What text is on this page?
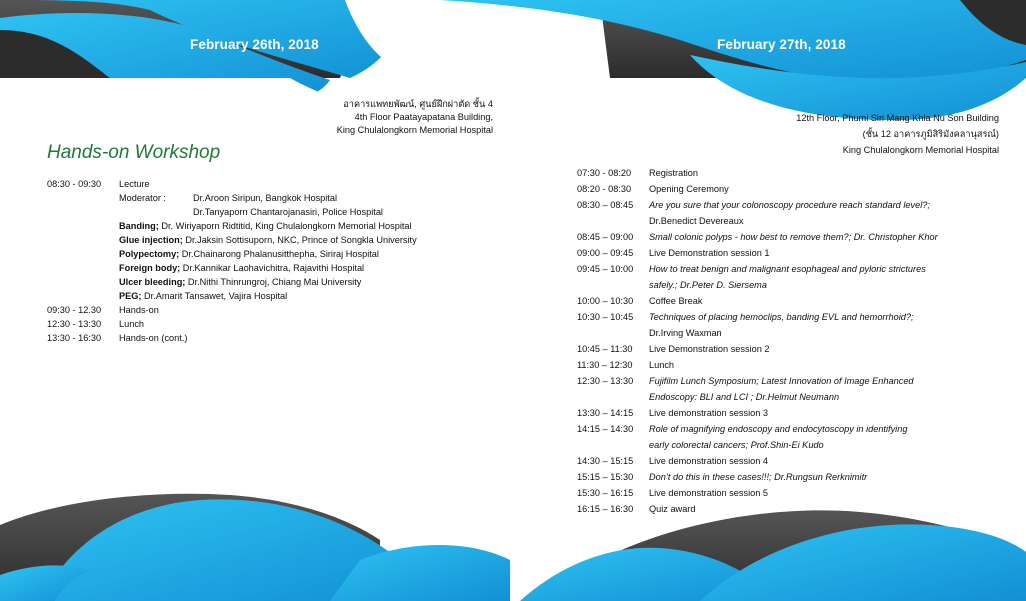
February 26th, 2018
อาคารแพทยพัฒน์, ศูนย์ฝึกผ่าตัด ชั้น 4
4th Floor Paatayapatana Building,
King Chulalongkorn Memorial Hospital
Hands-on Workshop
08:30 - 09:30 Lecture
Moderator :	Dr.Aroon Siripun, Bangkok Hospital
Dr.Tanyaporn Chantarojanasiri, Police Hospital
Banding; Dr. Wiriyaporn Ridtitid, King Chulalongkorn Memorial Hospital
Glue injection; Dr.Jaksin Sottisuporn, NKC, Prince of Songkla University
Polypectomy; Dr.Chainarong Phalanusitthepha, Siriraj Hospital
Foreign body; Dr.Kannikar Laohavichitra, Rajavithi Hospital
Ulcer bleeding; Dr.Nithi Thinrungroj, Chiang Mai University
PEG; Dr.Amarit Tansawet, Vajira Hospital
09:30 - 12.30 Hands-on
12:30 - 13:30 Lunch
13:30 - 16:30 Hands-on (cont.)
February 27th, 2018
12th Floor, Phumi Siri Mang Khla Nu Son Building
(ชั้น 12 อาคารภูมิสิริมังคลานุสรณ์)
King Chulalongkorn Memorial Hospital
07:30 - 08:20 Registration
08:20 - 08:30 Opening Ceremony
08:30 – 08:45 Are you sure that your colonoscopy procedure reach standard level?;
Dr.Benedict Devereaux
08:45 – 09:00 Small colonic polyps - how best to remove them?; Dr. Christopher Khor
09:00 – 09:45 Live Demonstration session 1
09:45 – 10:00 How to treat benign and malignant esophageal and pyloric strictures
safely.; Dr.Peter D. Siersema
10:00 – 10:30 Coffee Break
10:30 – 10:45 Techniques of placing hemoclips, banding EVL and hemorrhoid?;
Dr.Irving Waxman
10:45 – 11:30 Live Demonstration session 2
11:30 – 12:30 Lunch
12:30 – 13:30 Fujifilm Lunch Symposium; Latest Innovation of Image Enhanced
Endoscopy: BLI and LCI ; Dr.Helmut Neumann
13:30 – 14:15 Live demonstration session 3
14:15 – 14:30 Role of magnifying endoscopy and endocytoscopy in identifying
early colorectal cancers; Prof.Shin-Ei Kudo
14:30 – 15:15 Live demonstration session 4
15:15 – 15:30 Don’t do this in these cases!!!; Dr.Rungsun Rerknimitr
15:30 – 16:15 Live demonstration session 5
16:15 – 16:30 Quiz award
